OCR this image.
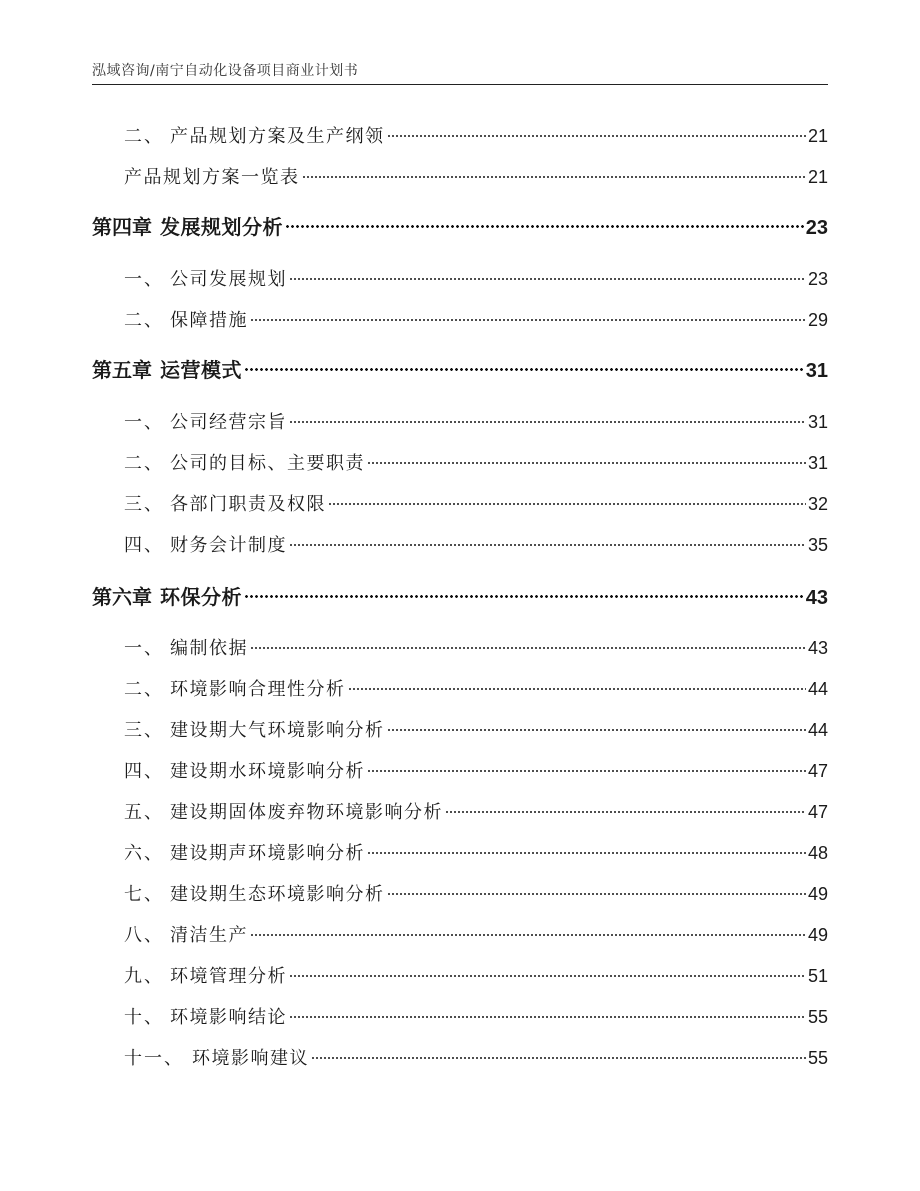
泓域咨询/南宁自动化设备项目商业计划书
二、 产品规划方案及生产纲领	21
产品规划方案一览表	21
第四章 发展规划分析	23
一、 公司发展规划	23
二、 保障措施	29
第五章 运营模式	31
一、 公司经营宗旨	31
二、 公司的目标、主要职责	31
三、 各部门职责及权限	32
四、 财务会计制度	35
第六章 环保分析	43
一、 编制依据	43
二、 环境影响合理性分析	44
三、 建设期大气环境影响分析	44
四、 建设期水环境影响分析	47
五、 建设期固体废弃物环境影响分析	47
六、 建设期声环境影响分析	48
七、 建设期生态环境影响分析	49
八、 清洁生产	49
九、 环境管理分析	51
十、 环境影响结论	55
十一、 环境影响建议	55
